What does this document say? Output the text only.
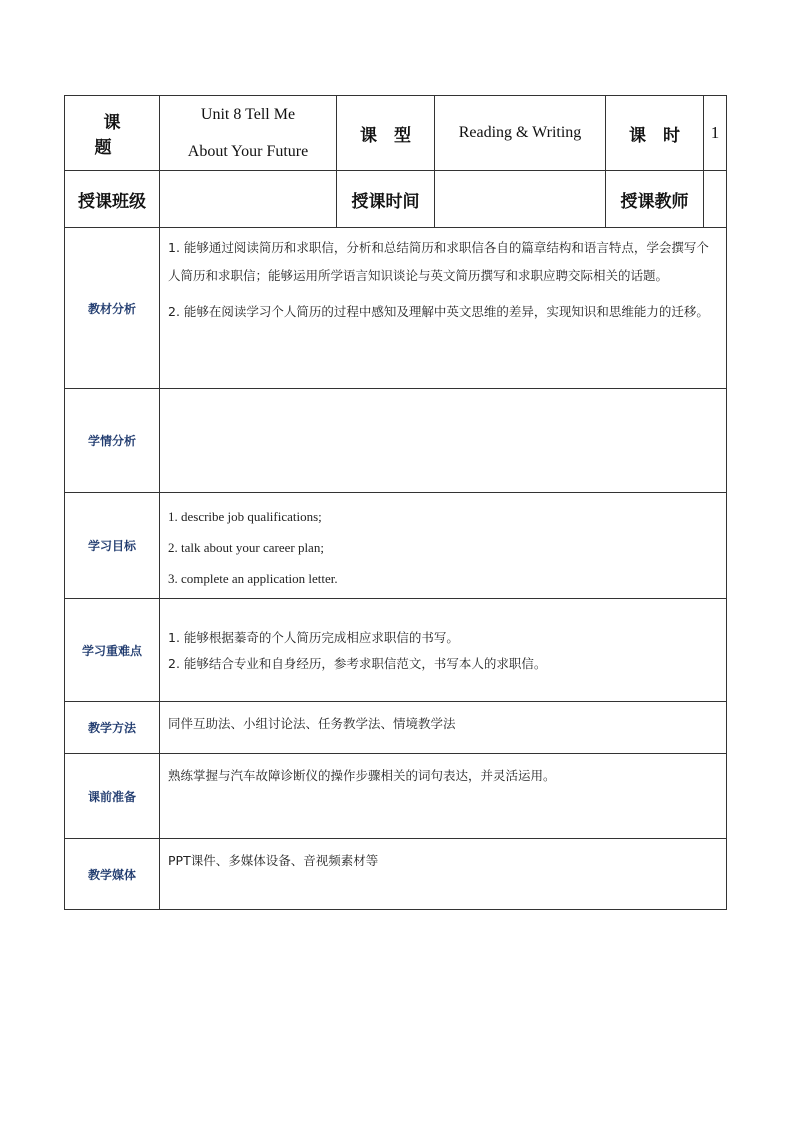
课　题	Unit 8 Tell Me
About Your Future	课　型	Reading & Writing	课　时	1
授课班级		授课时间		授课教师	
教材分析	1. 能够通过阅读简历和求职信，分析和总结简历和求职信各自的篇章结构和语言特点，学会撰写个人简历和求职信；能够运用所学语言知识谈论与英文简历撰写和求职应聘交际相关的话题。

2. 能够在阅读学习个人简历的过程中感知及理解中英文思维的差异，实现知识和思维能力的迁移。				

学情分析					
学习目标	1. describe job qualifications;

2. talk about your career plan;

3. complete an application letter.				

学习重难点	1. 能够根据蓁奇的个人简历完成相应求职信的书写。

2. 能够结合专业和自身经历，参考求职信范文，书写本人的求职信。				

教学方法	同伴互助法、小组讨论法、任务教学法、情境教学法				
课前准备	熟练掌握与汽车故障诊断仪的操作步骤相关的词句表达，并灵活运用。				
教学媒体	PPT课件、多媒体设备、音视频素材等				
